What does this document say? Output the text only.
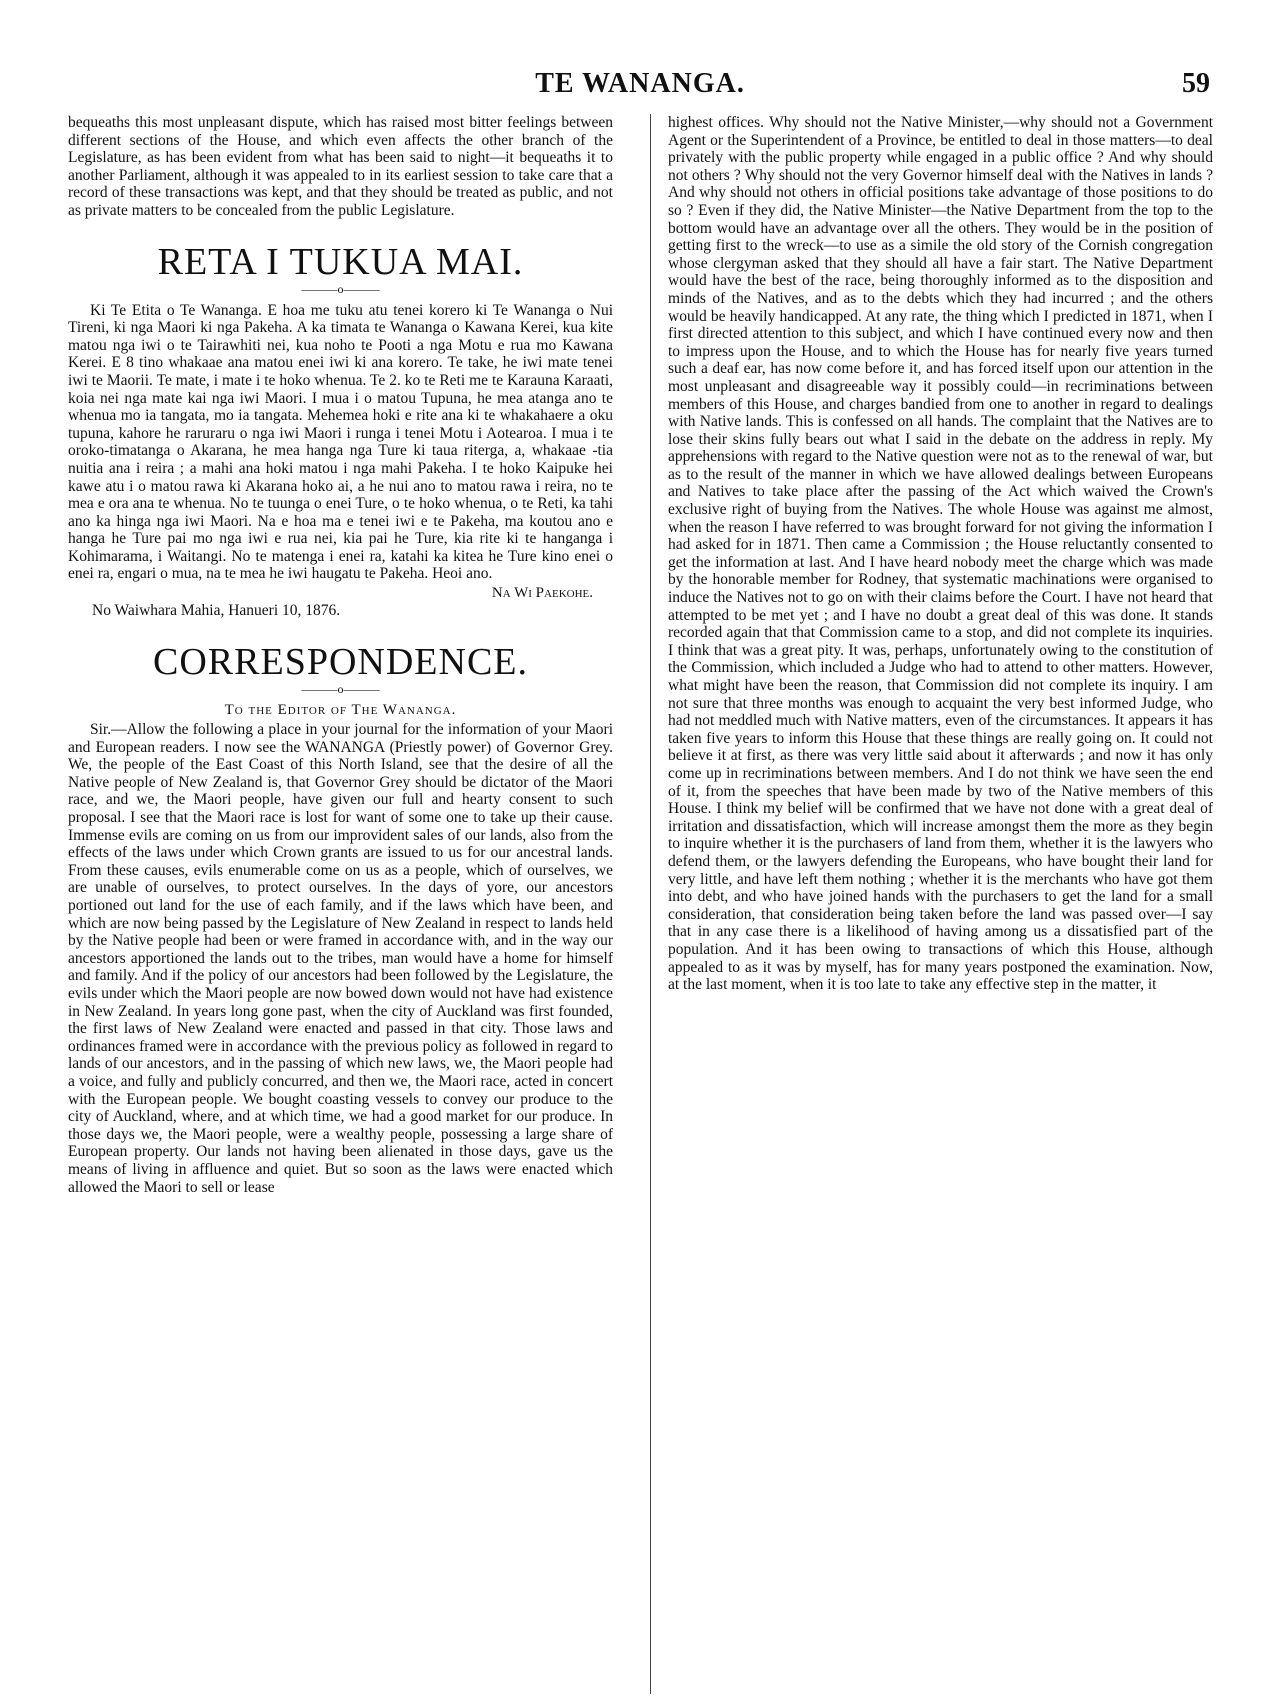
TE WANANGA.	59

bequeaths this most unpleasant dispute, which has raised most bitter feelings between different sections of the House, and which even affects the other branch of the Legislature, as has been evident from what has been said to night—it bequeaths it to another Parliament, although it was appealed to in its earliest session to take care that a record of these transactions was kept, and that they should be treated as public, and not as private matters to be concealed from the public Legislature.

RETA I TUKUA MAI.
———o———

Ki Te Etita o Te Wananga. E hoa me tuku atu tenei korero ki Te Wananga o Nui Tireni, ki nga Maori ki nga Pakeha. A ka timata te Wananga o Kawana Kerei, kua kite matou nga iwi o te Tairawhiti nei, kua noho te Pooti a nga Motu e rua mo Kawana Kerei. E 8 tino whakaae ana matou enei iwi ki ana korero. Te take, he iwi mate tenei iwi te Maorii. Te mate, i mate i te hoko whenua. Te 2. ko te Reti me te Karauna Karaati, koia nei nga mate kai nga iwi Maori. I mua i o matou Tupuna, he mea atanga ano te whenua mo ia tangata, mo ia tangata. Mehemea hoki e rite ana ki te whakahaere a oku tupuna, kahore he raruraru o nga iwi Maori i runga i tenei Motu i Aotearoa. I mua i te oroko-timatanga o Akarana, he mea hanga nga Ture ki taua riterga, a, whakaae -tia nuitia ana i reira ; a mahi ana hoki matou i nga mahi Pakeha. I te hoko Kaipuke hei kawe atu i o matou rawa ki Akarana hoko ai, a he nui ano to matou rawa i reira, no te mea e ora ana te whenua. No te tuunga o enei Ture, o te hoko whenua, o te Reti, ka tahi ano ka hinga nga iwi Maori. Na e hoa ma e tenei iwi e te Pakeha, ma koutou ano e hanga he Ture pai mo nga iwi e rua nei, kia pai he Ture, kia rite ki te hanganga i Kohimarama, i Waitangi. No te matenga i enei ra, katahi ka kitea he Ture kino enei o enei ra, engari o mua, na te mea he iwi haugatu te Pakeha. Heoi ano.

Na Wi Paekohe.
No Waiwhara Mahia, Hanueri 10, 1876.
CORRESPONDENCE.
———o———
To the Editor of The Wananga.

Sir.—Allow the following a place in your journal for the information of your Maori and European readers. I now see the WANANGA (Priestly power) of Governor Grey. We, the people of the East Coast of this North Island, see that the desire of all the Native people of New Zealand is, that Governor Grey should be dictator of the Maori race, and we, the Maori people, have given our full and hearty consent to such proposal. I see that the Maori race is lost for want of some one to take up their cause. Immense evils are coming on us from our improvident sales of our lands, also from the effects of the laws under which Crown grants are issued to us for our ancestral lands. From these causes, evils enumerable come on us as a people, which of ourselves, we are unable of ourselves, to protect ourselves. In the days of yore, our ancestors portioned out land for the use of each family, and if the laws which have been, and which are now being passed by the Legislature of New Zealand in respect to lands held by the Native people had been or were framed in accordance with, and in the way our ancestors apportioned the lands out to the tribes, man would have a home for himself and family. And if the policy of our ancestors had been followed by the Legislature, the evils under which the Maori people are now bowed down would not have had existence in New Zealand. In years long gone past, when the city of Auckland was first founded, the first laws of New Zealand were enacted and passed in that city. Those laws and ordinances framed were in accordance with the previous policy as followed in regard to lands of our ancestors, and in the passing of which new laws, we, the Maori people had a voice, and fully and publicly concurred, and then we, the Maori race, acted in concert with the European people. We bought coasting vessels to convey our produce to the city of Auckland, where, and at which time, we had a good market for our produce. In those days we, the Maori people, were a wealthy people, possessing a large share of European property. Our lands not having been alienated in those days, gave us the means of living in affluence and quiet. But so soon as the laws were enacted which allowed the Maori to sell or lease

highest offices. Why should not the Native Minister,—why should not a Government Agent or the Superintendent of a Province, be entitled to deal in those matters—to deal privately with the public property while engaged in a public office ? And why should not others ? Why should not the very Governor himself deal with the Natives in lands ? And why should not others in official positions take advantage of those positions to do so ? Even if they did, the Native Minister—the Native Department from the top to the bottom would have an advantage over all the others. They would be in the position of getting first to the wreck—to use as a simile the old story of the Cornish congregation whose clergyman asked that they should all have a fair start. The Native Department would have the best of the race, being thoroughly informed as to the disposition and minds of the Natives, and as to the debts which they had incurred ; and the others would be heavily handicapped. At any rate, the thing which I predicted in 1871, when I first directed attention to this subject, and which I have continued every now and then to impress upon the House, and to which the House has for nearly five years turned such a deaf ear, has now come before it, and has forced itself upon our attention in the most unpleasant and disagreeable way it possibly could—in recriminations between members of this House, and charges bandied from one to another in regard to dealings with Native lands. This is confessed on all hands. The complaint that the Natives are to lose their skins fully bears out what I said in the debate on the address in reply. My apprehensions with regard to the Native question were not as to the renewal of war, but as to the result of the manner in which we have allowed dealings between Europeans and Natives to take place after the passing of the Act which waived the Crown's exclusive right of buying from the Natives. The whole House was against me almost, when the reason I have referred to was brought forward for not giving the information I had asked for in 1871. Then came a Commission ; the House reluctantly consented to get the information at last. And I have heard nobody meet the charge which was made by the honorable member for Rodney, that systematic machinations were organised to induce the Natives not to go on with their claims before the Court. I have not heard that attempted to be met yet ; and I have no doubt a great deal of this was done. It stands recorded again that that Commission came to a stop, and did not complete its inquiries. I think that was a great pity. It was, perhaps, unfortunately owing to the constitution of the Commission, which included a Judge who had to attend to other matters. However, what might have been the reason, that Commission did not complete its inquiry. I am not sure that three months was enough to acquaint the very best informed Judge, who had not meddled much with Native matters, even of the circumstances. It appears it has taken five years to inform this House that these things are really going on. It could not believe it at first, as there was very little said about it afterwards ; and now it has only come up in recriminations between members. And I do not think we have seen the end of it, from the speeches that have been made by two of the Native members of this House. I think my belief will be confirmed that we have not done with a great deal of irritation and dissatisfaction, which will increase amongst them the more as they begin to inquire whether it is the purchasers of land from them, whether it is the lawyers who defend them, or the lawyers defending the Europeans, who have bought their land for very little, and have left them nothing ; whether it is the merchants who have got them into debt, and who have joined hands with the purchasers to get the land for a small consideration, that consideration being taken before the land was passed over—I say that in any case there is a likelihood of having among us a dissatisfied part of the population. And it has been owing to transactions of which this House, although appealed to as it was by myself, has for many years postponed the examination. Now, at the last moment, when it is too late to take any effective step in the matter, it
